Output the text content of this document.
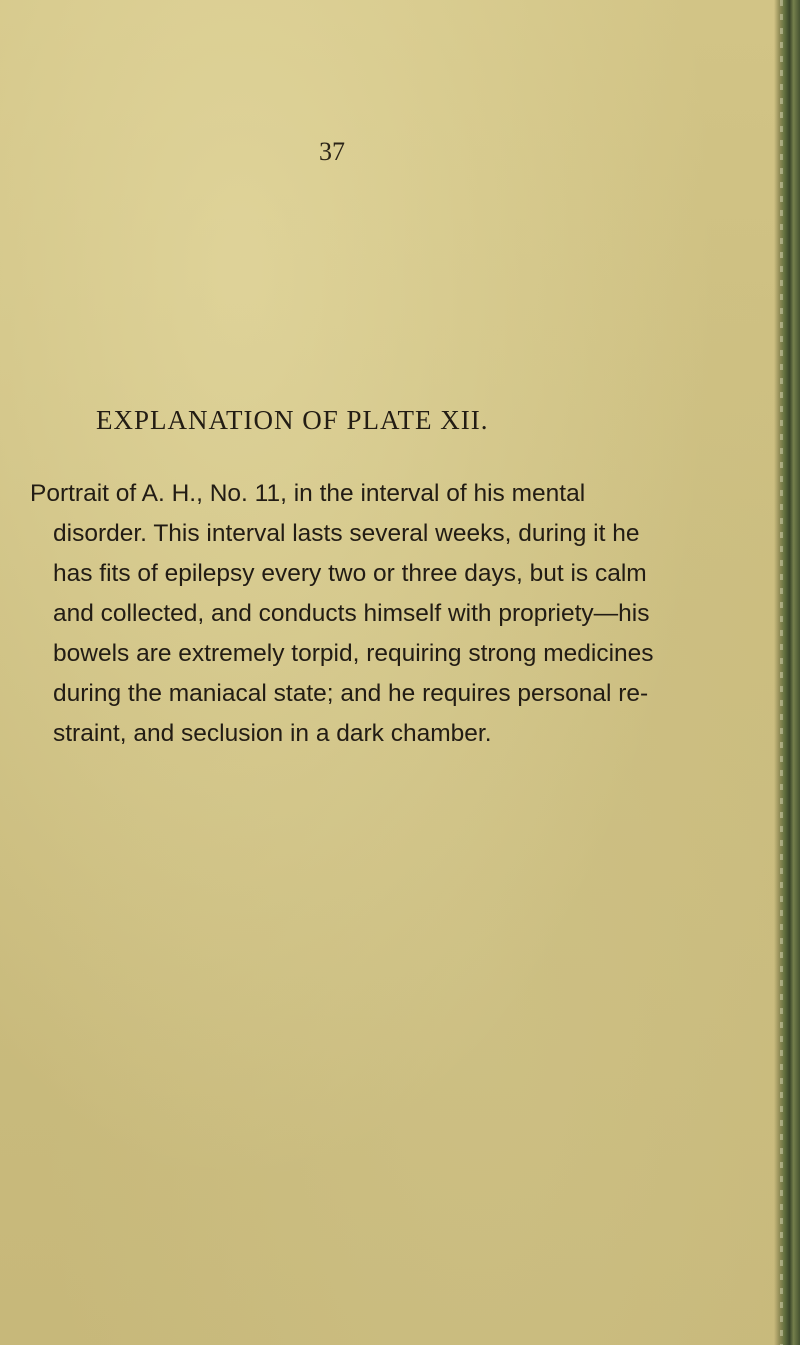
37
EXPLANATION OF PLATE XII.
Portrait of A. H., No. 11, in the interval of his mental
disorder. This interval lasts several weeks, during it he
has fits of epilepsy every two or three days, but is calm
and collected, and conducts himself with propriety—his
bowels are extremely torpid, requiring strong medicines
during the maniacal state; and he requires personal re-
straint, and seclusion in a dark chamber.
